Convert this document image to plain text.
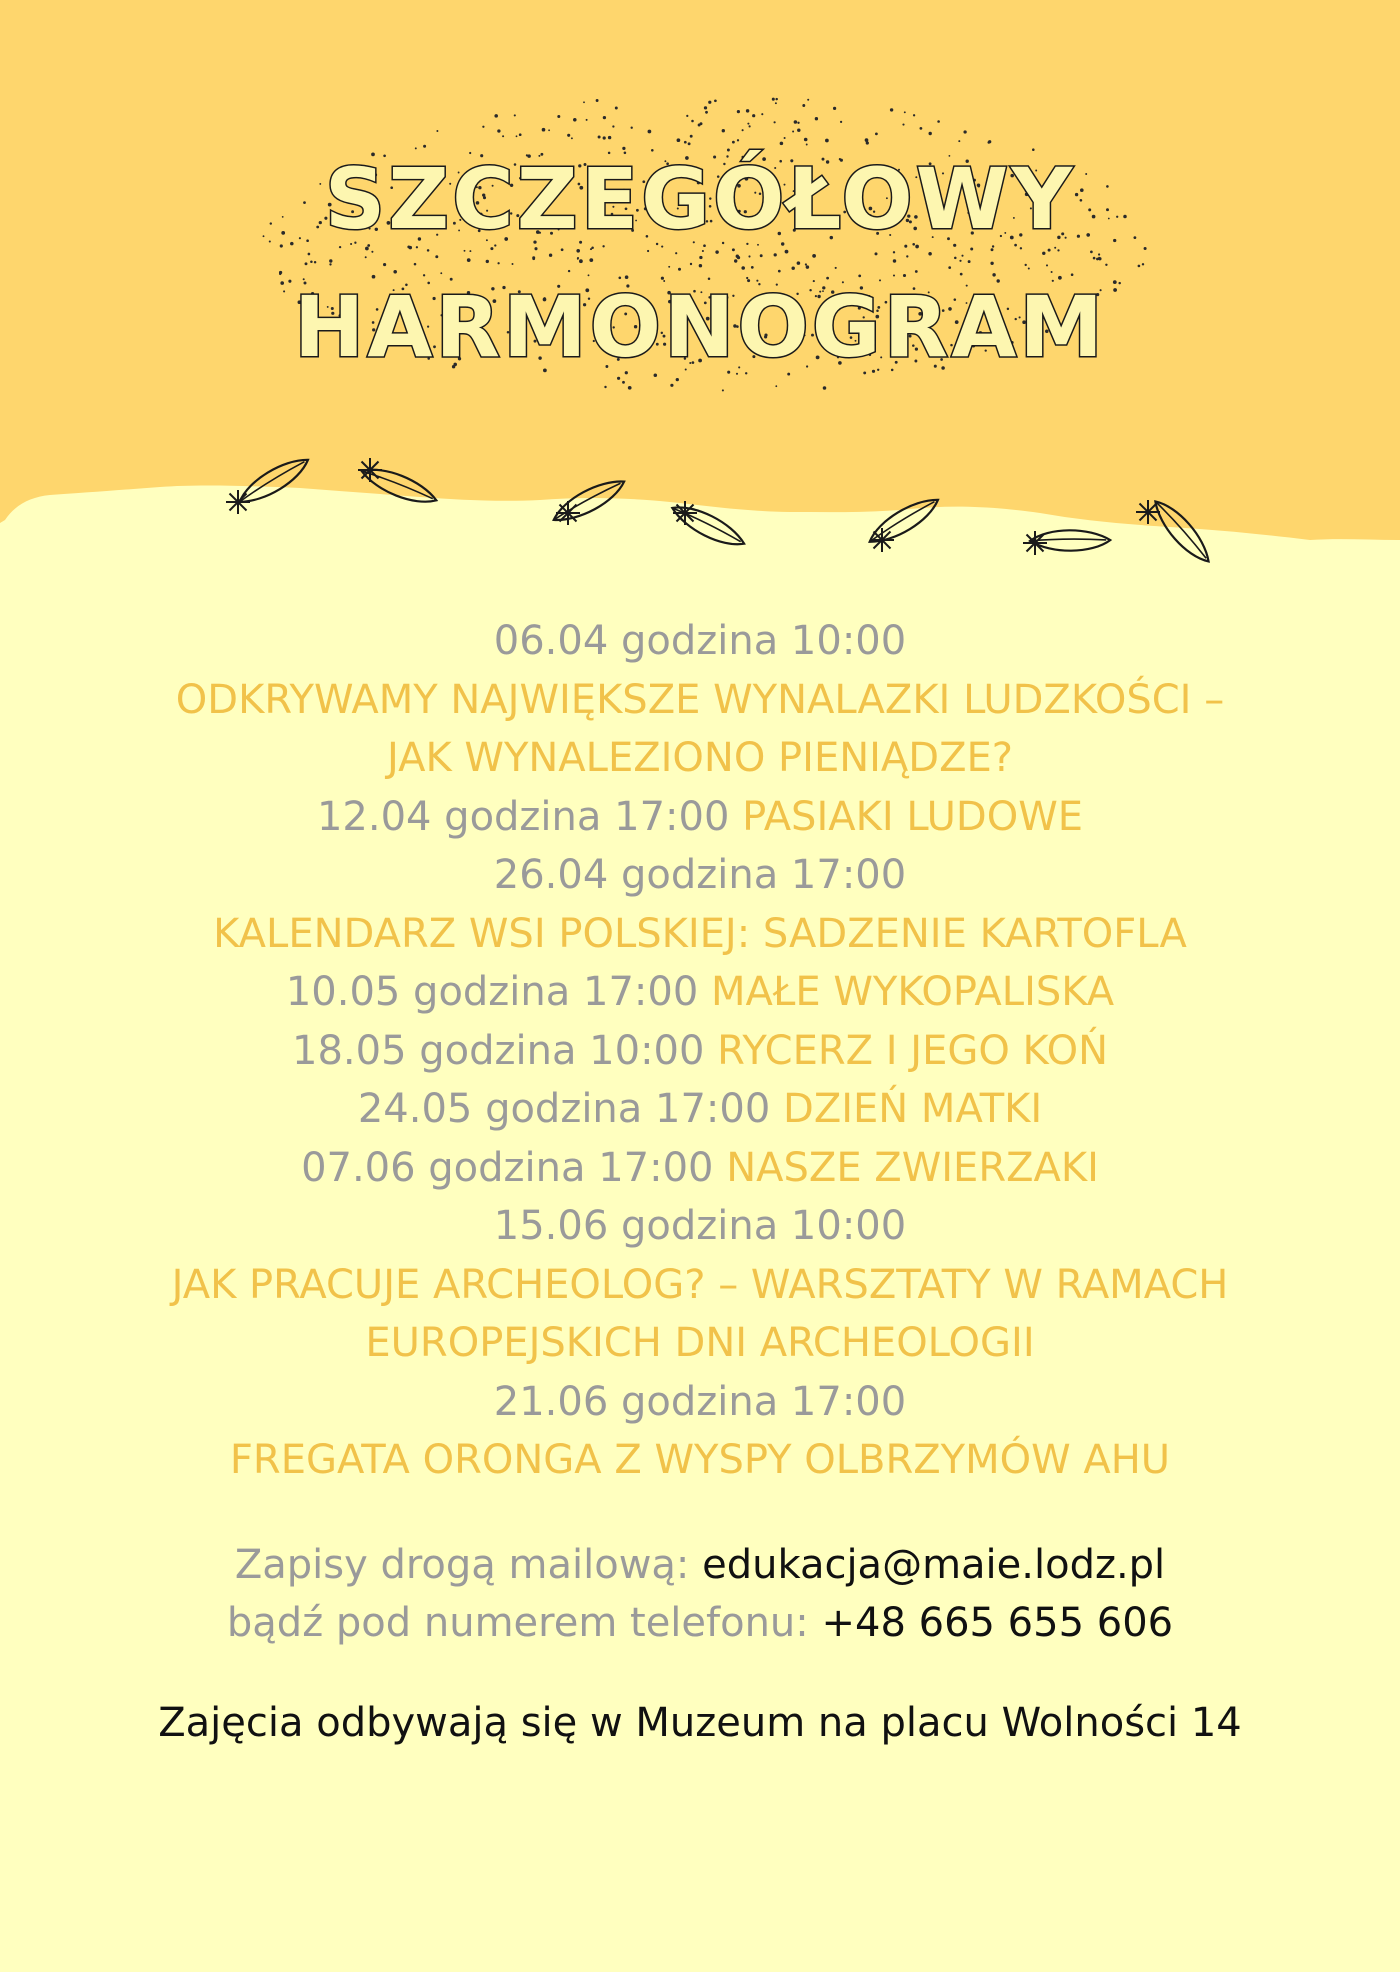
SZCZEGÓŁOWY
HARMONOGRAM
06.04 godzina 10:00
ODKRYWAMY NAJWIĘKSZE WYNALAZKI LUDZKOŚCI –
JAK WYNALEZIONO PIENIĄDZE?
12.04 godzina 17:00 PASIAKI LUDOWE
26.04 godzina 17:00
KALENDARZ WSI POLSKIEJ: SADZENIE KARTOFLA
10.05 godzina 17:00 MAŁE WYKOPALISKA
18.05 godzina 10:00 RYCERZ I JEGO KOŃ
24.05 godzina 17:00 DZIEŃ MATKI
07.06 godzina 17:00 NASZE ZWIERZAKI
15.06 godzina 10:00
JAK PRACUJE ARCHEOLOG? – WARSZTATY W RAMACH
EUROPEJSKICH DNI ARCHEOLOGII
21.06 godzina 17:00
FREGATA ORONGA Z WYSPY OLBRZYMÓW AHU
Zapisy drogą mailową: edukacja@maie.lodz.pl
bądź pod numerem telefonu: +48 665 655 606
Zajęcia odbywają się w Muzeum na placu Wolności 14
